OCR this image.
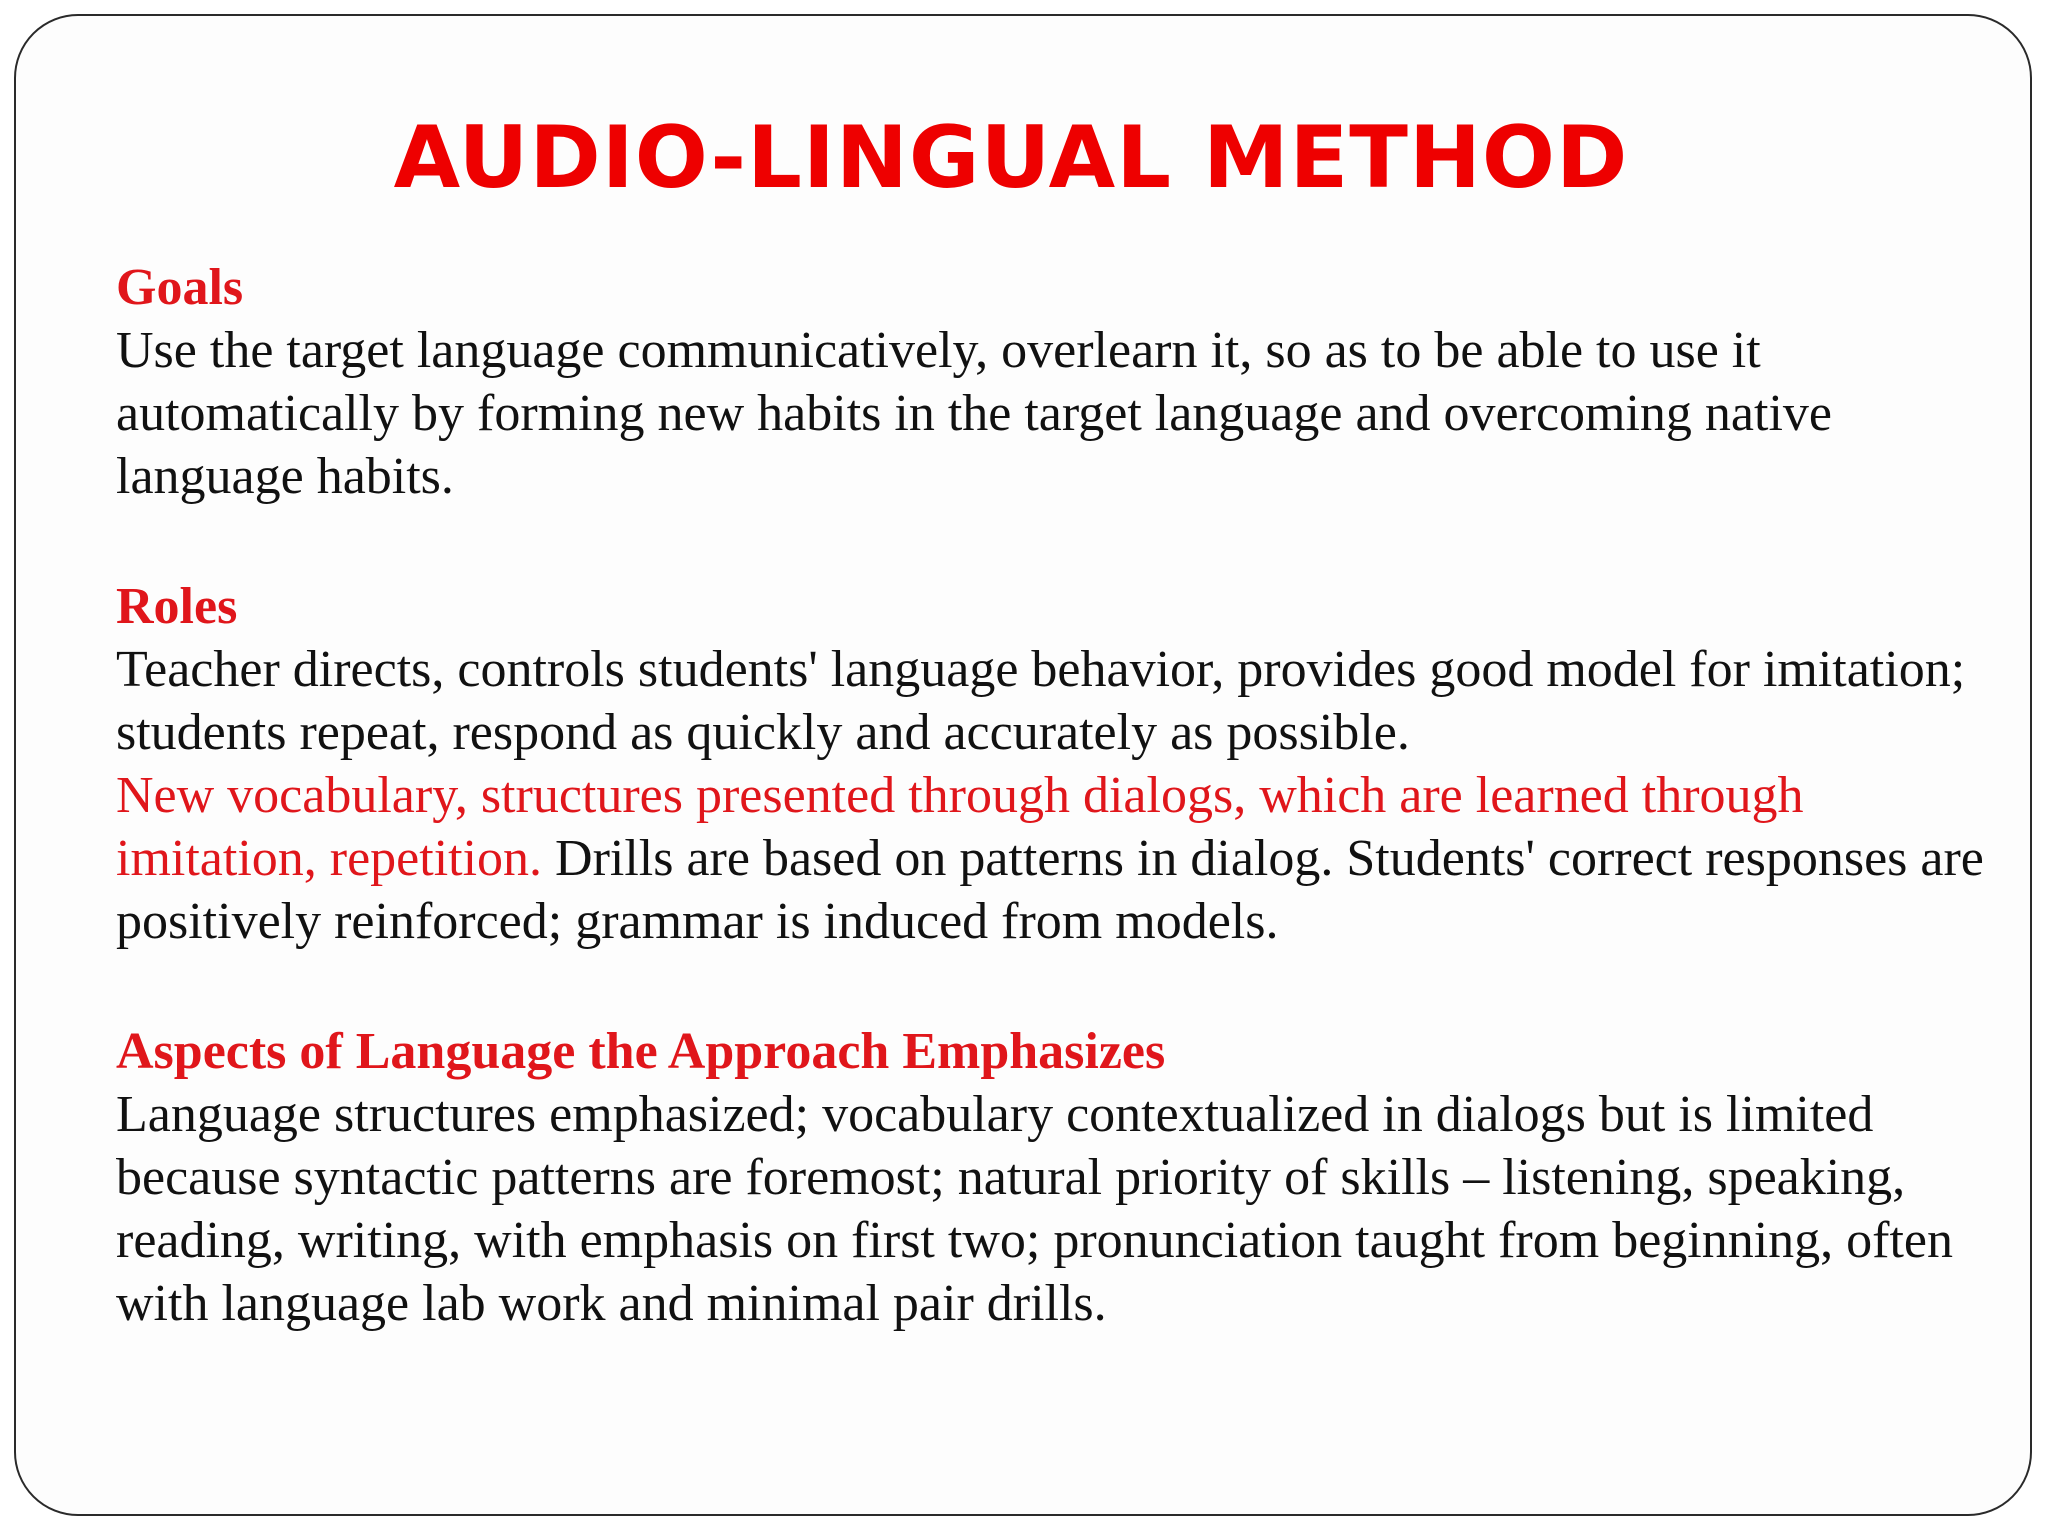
AUDIO-LINGUAL METHOD
Goals
Use the target language communicatively, overlearn it, so as to be able to use it automatically by forming new habits in the target language and overcoming native language habits.
Roles
Teacher directs, controls students' language behavior, provides good model for imitation; students repeat, respond as quickly and accurately as possible.
New vocabulary, structures presented through dialogs, which are learned through imitation, repetition. Drills are based on patterns in dialog. Students' correct responses are positively reinforced; grammar is induced from models.
Aspects of Language the Approach Emphasizes
Language structures emphasized; vocabulary contextualized in dialogs but is limited because syntactic patterns are foremost; natural priority of skills – listening, speaking, reading, writing, with emphasis on first two; pronunciation taught from beginning, often with language lab work and minimal pair drills.
